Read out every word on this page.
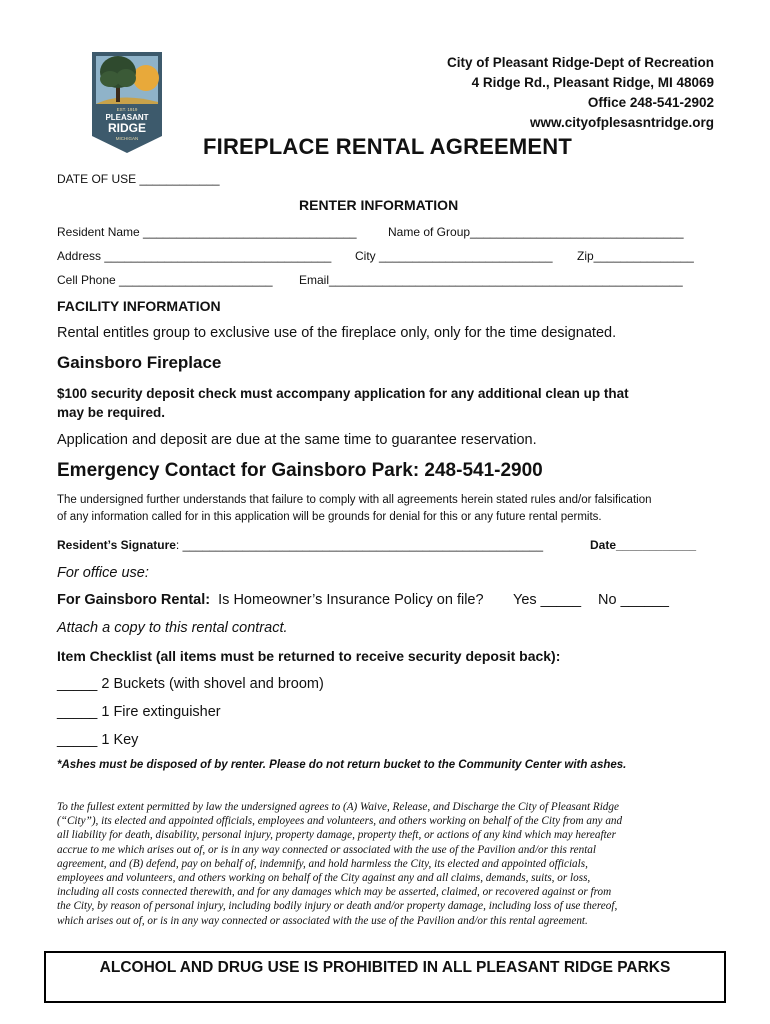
EST. 1919
PLEASANT
RIDGE
MICHIGAN
City of Pleasant Ridge-Dept of Recreation
4 Ridge Rd., Pleasant Ridge, MI 48069
Office 248-541-2902
www.cityofplesasntridge.org
FIREPLACE RENTAL AGREEMENT
DATE OF USE ____________
RENTER INFORMATION
Resident Name ________________________________	Name of Group________________________________
Address __________________________________ City __________________________ Zip_______________
Cell Phone _______________________ Email_____________________________________________________
FACILITY INFORMATION
Rental entitles group to exclusive use of the fireplace only, only for the time designated.
Gainsboro Fireplace
$100 security deposit check must accompany application for any additional clean up that
may be required.
Application and deposit are due at the same time to guarantee reservation.
Emergency Contact for Gainsboro Park: 248-541-2900
The undersigned further understands that failure to comply with all agreements herein stated rules and/or falsification
of any information called for in this application will be grounds for denial for this or any future rental permits.
Resident’s Signature: ______________________________________________________	Date____________
For office use:
For Gainsboro Rental: Is Homeowner’s Insurance Policy on file? Yes _____ No ______
Attach a copy to this rental contract.
Item Checklist (all items must be returned to receive security deposit back):
_____ 2 Buckets (with shovel and broom)
_____ 1 Fire extinguisher
_____ 1 Key
*Ashes must be disposed of by renter. Please do not return bucket to the Community Center with ashes.

To the fullest extent permitted by law the undersigned agrees to (A) Waive, Release, and Discharge the City of Pleasant Ridge

(“City”), its elected and appointed officials, employees and volunteers, and others working on behalf of the City from any and

all liability for death, disability, personal injury, property damage, property theft, or actions of any kind which may hereafter

accrue to me which arises out of, or is in any way connected or associated with the use of the Pavilion and/or this rental

agreement, and (B) defend, pay on behalf of, indemnify, and hold harmless the City, its elected and appointed officials,

employees and volunteers, and others working on behalf of the City against any and all claims, demands, suits, or loss,

including all costs connected therewith, and for any damages which may be asserted, claimed, or recovered against or from

the City, by reason of personal injury, including bodily injury or death and/or property damage, including loss of use thereof,

which arises out of, or is in any way connected or associated with the use of the Pavilion and/or this rental agreement.

ALCOHOL AND DRUG USE IS PROHIBITED IN ALL PLEASANT RIDGE PARKS
